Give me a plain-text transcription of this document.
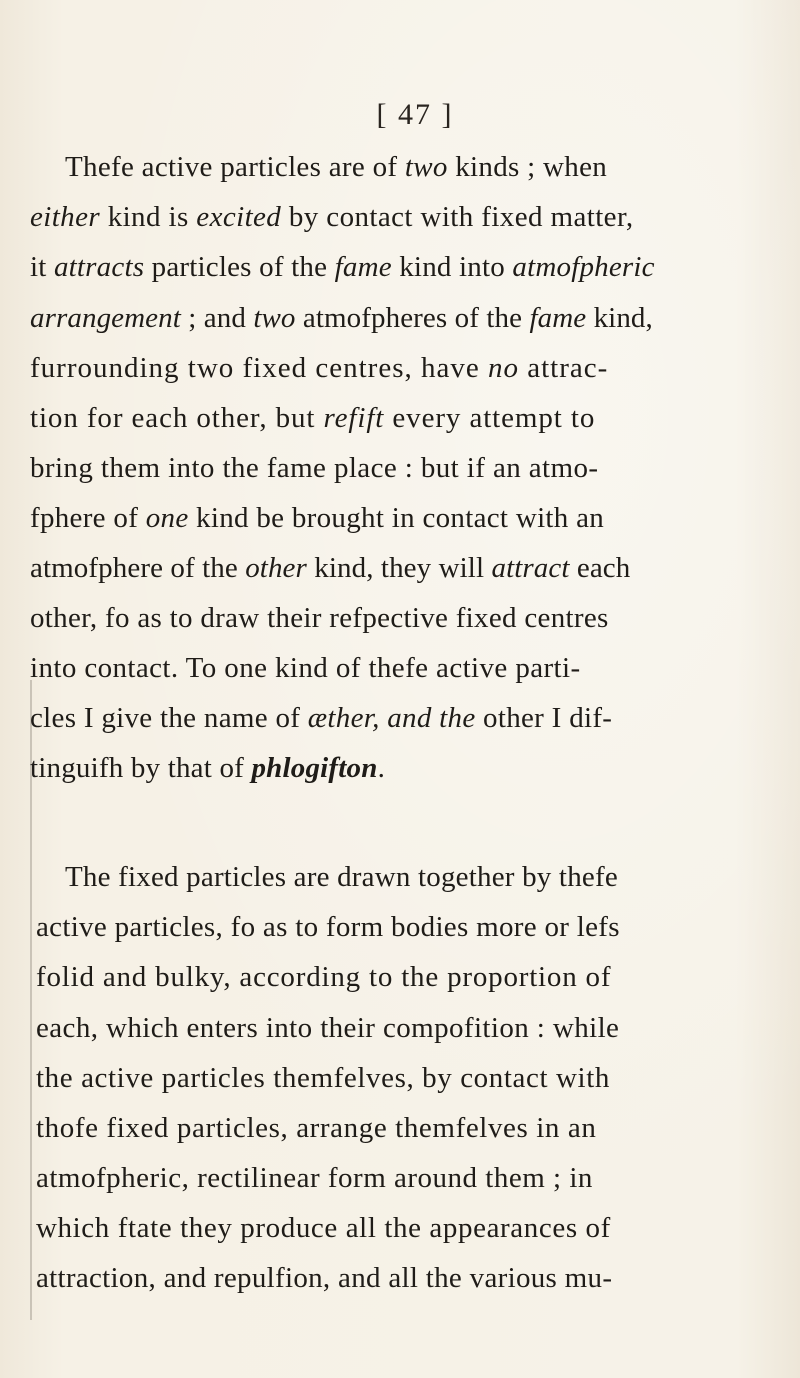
[ 47 ]
Thefe active particles are of two kinds ; when
either kind is excited by contact with fixed matter,
it attracts particles of the fame kind into atmofpheric
arrangement ; and two atmofpheres of the fame kind,
furrounding two fixed centres, have no attrac-
tion for each other, but refift every attempt to
bring them into the fame place : but if an atmo-
fphere of one kind be brought in contact with an
atmofphere of the other kind, they will attract each
other, fo as to draw their refpective fixed centres
into contact. To one kind of thefe active parti-
cles I give the name of æther, and the other I dif-
tinguifh by that of phlogifton.
The fixed particles are drawn together by thefe
active particles, fo as to form bodies more or lefs
folid and bulky, according to the proportion of
each, which enters into their compofition : while
the active particles themfelves, by contact with
thofe fixed particles, arrange themfelves in an
atmofpheric, rectilinear form around them ; in
which ftate they produce all the appearances of
attraction, and repulfion, and all the various mu-
